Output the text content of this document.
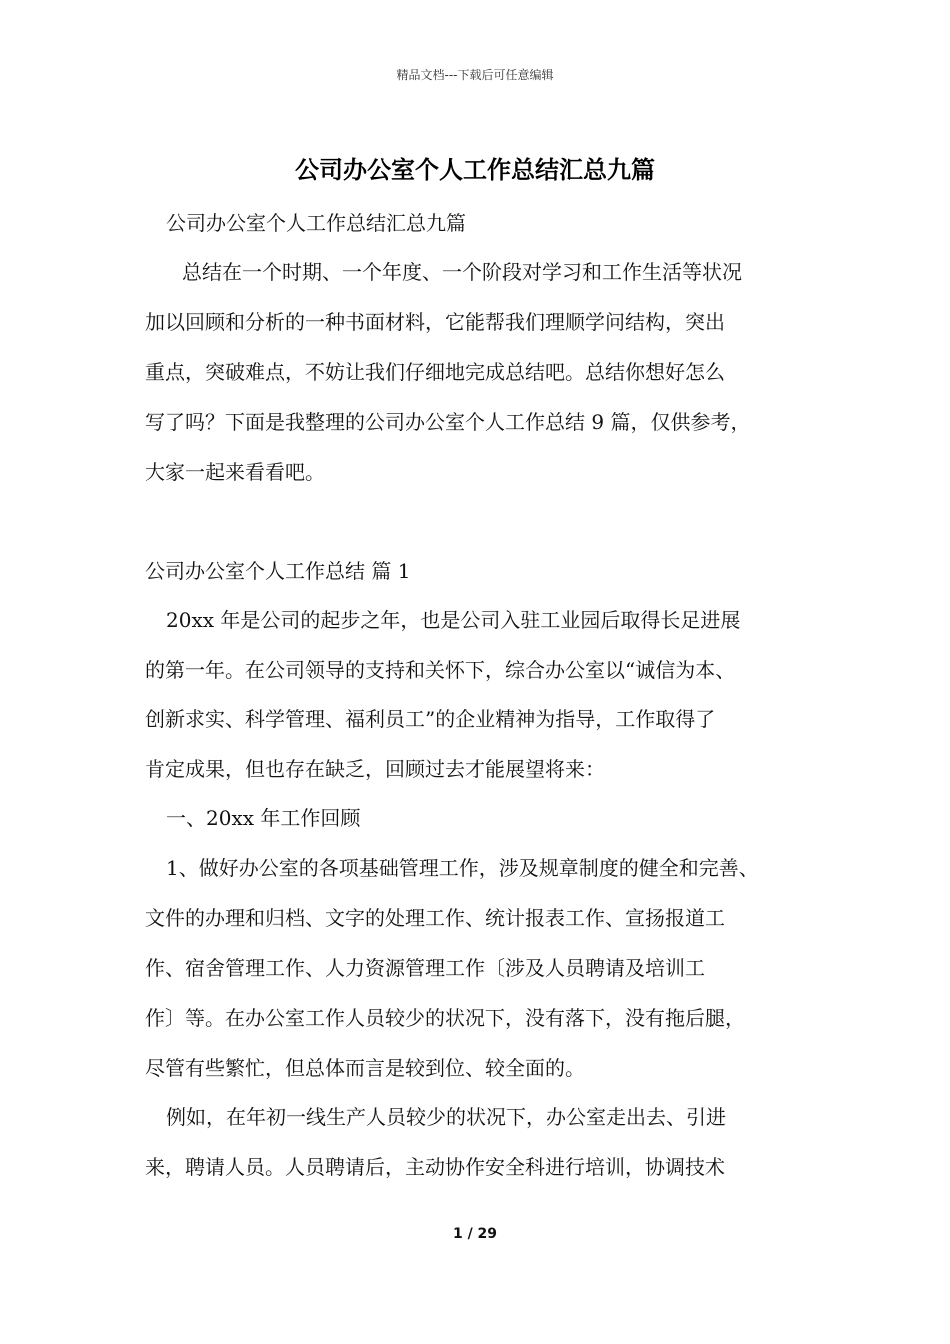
精品文档---下载后可任意编辑
公司办公室个人工作总结汇总九篇
公司办公室个人工作总结汇总九篇
总结在一个时期、一个年度、一个阶段对学习和工作生活等状况
加以回顾和分析的一种书面材料，它能帮我们理顺学问结构，突出
重点，突破难点，不妨让我们仔细地完成总结吧。总结你想好怎么
写了吗？下面是我整理的公司办公室个人工作总结 9 篇，仅供参考，
大家一起来看看吧。
公司办公室个人工作总结 篇 1
20xx 年是公司的起步之年，也是公司入驻工业园后取得长足进展
的第一年。在公司领导的支持和关怀下，综合办公室以“诚信为本、
创新求实、科学管理、福利员工”的企业精神为指导，工作取得了
肯定成果，但也存在缺乏，回顾过去才能展望将来：
一、20xx 年工作回顾
1、做好办公室的各项基础管理工作，涉及规章制度的健全和完善、
文件的办理和归档、文字的处理工作、统计报表工作、宣扬报道工
作、宿舍管理工作、人力资源管理工作〔涉及人员聘请及培训工
作〕等。在办公室工作人员较少的状况下，没有落下，没有拖后腿，
尽管有些繁忙，但总体而言是较到位、较全面的。
例如，在年初一线生产人员较少的状况下，办公室走出去、引进
来，聘请人员。人员聘请后，主动协作安全科进行培训，协调技术
1 / 29
